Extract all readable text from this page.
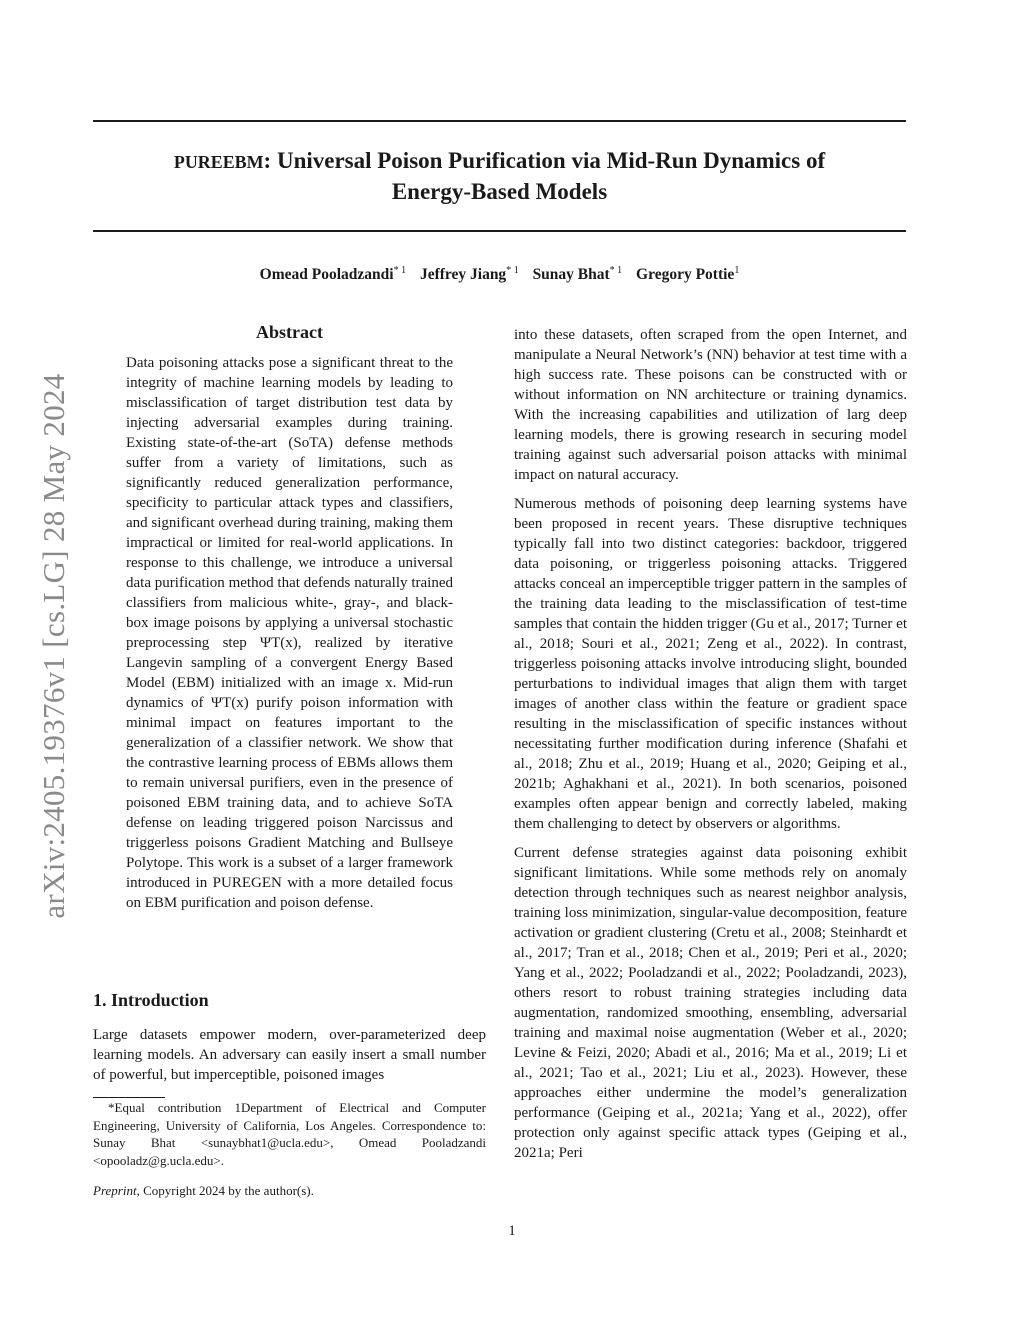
PUREEBM: Universal Poison Purification via Mid-Run Dynamics of
Energy-Based Models
Omead Pooladzandi$^{* 1}$ Jeffrey Jiang$^{* 1}$ Sunay Bhat$^{* 1}$ Gregory Pottie$^1$
arXiv:2405.19376v1 [cs.LG] 28 May 2024
Abstract

Data poisoning attacks pose a significant threat to the integrity of machine learning models by leading to misclassification of target distribution test data by injecting adversarial examples during training. Existing state-of-the-art (SoTA) defense methods suffer from a variety of limitations, such as significantly reduced generalization performance, specificity to particular attack types and classifiers, and significant overhead during training, making them impractical or limited for real-world applications. In response to this challenge, we introduce a universal data purification method that defends naturally trained classifiers from malicious white-, gray-, and black-box image poisons by applying a universal stochastic preprocessing step ΨT(x), realized by iterative Langevin sampling of a convergent Energy Based Model (EBM) initialized with an image x. Mid-run dynamics of ΨT(x) purify poison information with minimal impact on features important to the generalization of a classifier network. We show that the contrastive learning process of EBMs allows them to remain universal purifiers, even in the presence of poisoned EBM training data, and to achieve SoTA defense on leading triggered poison Narcissus and triggerless poisons Gradient Matching and Bullseye Polytope. This work is a subset of a larger framework introduced in PUREGEN with a more detailed focus on EBM purification and poison defense.

1. Introduction

Large datasets empower modern, over-parameterized deep learning models. An adversary can easily insert a small number of powerful, but imperceptible, poisoned images

*Equal contribution 1Department of Electrical and Computer Engineering, University of California, Los Angeles. Correspondence to: Sunay Bhat <sunaybhat1@ucla.edu>, Omead Pooladzandi <opooladz@g.ucla.edu>.

Preprint, Copyright 2024 by the author(s).

into these datasets, often scraped from the open Internet, and manipulate a Neural Network’s (NN) behavior at test time with a high success rate. These poisons can be constructed with or without information on NN architecture or training dynamics. With the increasing capabilities and utilization of larg deep learning models, there is growing research in securing model training against such adversarial poison attacks with minimal impact on natural accuracy.

Numerous methods of poisoning deep learning systems have been proposed in recent years. These disruptive techniques typically fall into two distinct categories: backdoor, triggered data poisoning, or triggerless poisoning attacks. Triggered attacks conceal an imperceptible trigger pattern in the samples of the training data leading to the misclassification of test-time samples that contain the hidden trigger (Gu et al., 2017; Turner et al., 2018; Souri et al., 2021; Zeng et al., 2022). In contrast, triggerless poisoning attacks involve introducing slight, bounded perturbations to individual images that align them with target images of another class within the feature or gradient space resulting in the misclassification of specific instances without necessitating further modification during inference (Shafahi et al., 2018; Zhu et al., 2019; Huang et al., 2020; Geiping et al., 2021b; Aghakhani et al., 2021). In both scenarios, poisoned examples often appear benign and correctly labeled, making them challenging to detect by observers or algorithms.

Current defense strategies against data poisoning exhibit significant limitations. While some methods rely on anomaly detection through techniques such as nearest neighbor analysis, training loss minimization, singular-value decomposition, feature activation or gradient clustering (Cretu et al., 2008; Steinhardt et al., 2017; Tran et al., 2018; Chen et al., 2019; Peri et al., 2020; Yang et al., 2022; Pooladzandi et al., 2022; Pooladzandi, 2023), others resort to robust training strategies including data augmentation, randomized smoothing, ensembling, adversarial training and maximal noise augmentation (Weber et al., 2020; Levine & Feizi, 2020; Abadi et al., 2016; Ma et al., 2019; Li et al., 2021; Tao et al., 2021; Liu et al., 2023). However, these approaches either undermine the model’s generalization performance (Geiping et al., 2021a; Yang et al., 2022), offer protection only against specific attack types (Geiping et al., 2021a; Peri

1
